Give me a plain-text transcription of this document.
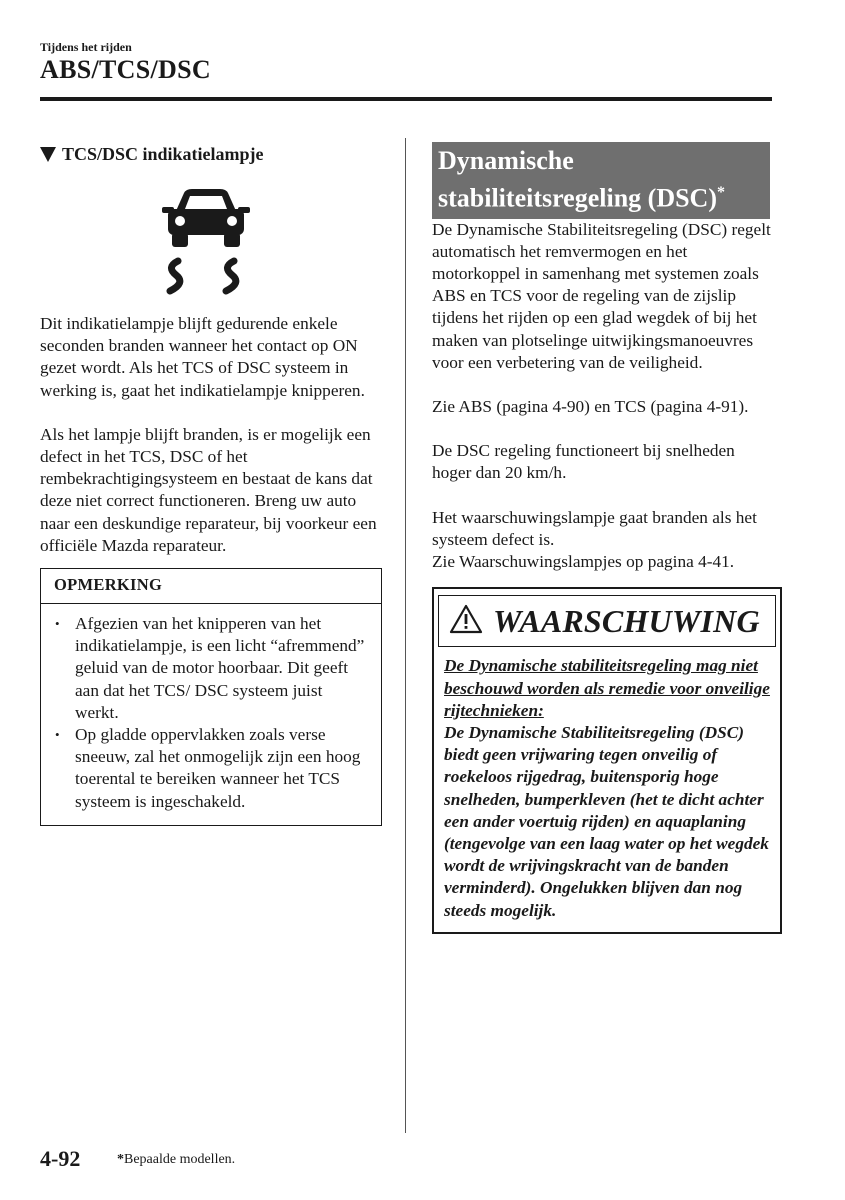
Tijdens het rijden
ABS/TCS/DSC
TCS/DSC indikatielampje

Dit indikatielampje blijft gedurende enkele seconden branden wanneer het contact op ON gezet wordt. Als het TCS of DSC systeem in werking is, gaat het indikatielampje knipperen.

Als het lampje blijft branden, is er mogelijk een defect in het TCS, DSC of het rembekrachtigingsysteem en bestaat de kans dat deze niet correct functioneren. Breng uw auto naar een deskundige reparateur, bij voorkeur een officiële Mazda reparateur.

OPMERKING
• Afgezien van het knipperen van het indikatielampje, is een licht “afremmend” geluid van de motor hoorbaar. Dit geeft aan dat het TCS/ DSC systeem juist werkt.
• Op gladde oppervlakken zoals verse sneeuw, zal het onmogelijk zijn een hoog toerental te bereiken wanneer het TCS systeem is ingeschakeld.
Dynamische stabiliteitsregeling (DSC)*

De Dynamische Stabiliteitsregeling (DSC) regelt automatisch het remvermogen en het motorkoppel in samenhang met systemen zoals ABS en TCS voor de regeling van de zijslip tijdens het rijden op een glad wegdek of bij het maken van plotselinge uitwijkingsmanoeuvres voor een verbetering van de veiligheid.

Zie ABS (pagina 4-90) en TCS (pagina 4-91).

De DSC regeling functioneert bij snelheden hoger dan 20 km/h.

Het waarschuwingslampje gaat branden als het systeem defect is.

Zie Waarschuwingslampjes op pagina 4-41.

WAARSCHUWING
De Dynamische stabiliteitsregeling mag niet beschouwd worden als remedie voor onveilige rijtechnieken:
De Dynamische Stabiliteitsregeling (DSC) biedt geen vrijwaring tegen onveilig of roekeloos rijgedrag, buitensporig hoge snelheden, bumperkleven (het te dicht achter een ander voertuig rijden) en aquaplaning (tengevolge van een laag water op het wegdek wordt de wrijvingskracht van de banden verminderd). Ongelukken blijven dan nog steeds mogelijk.
4-92	*Bepaalde modellen.
